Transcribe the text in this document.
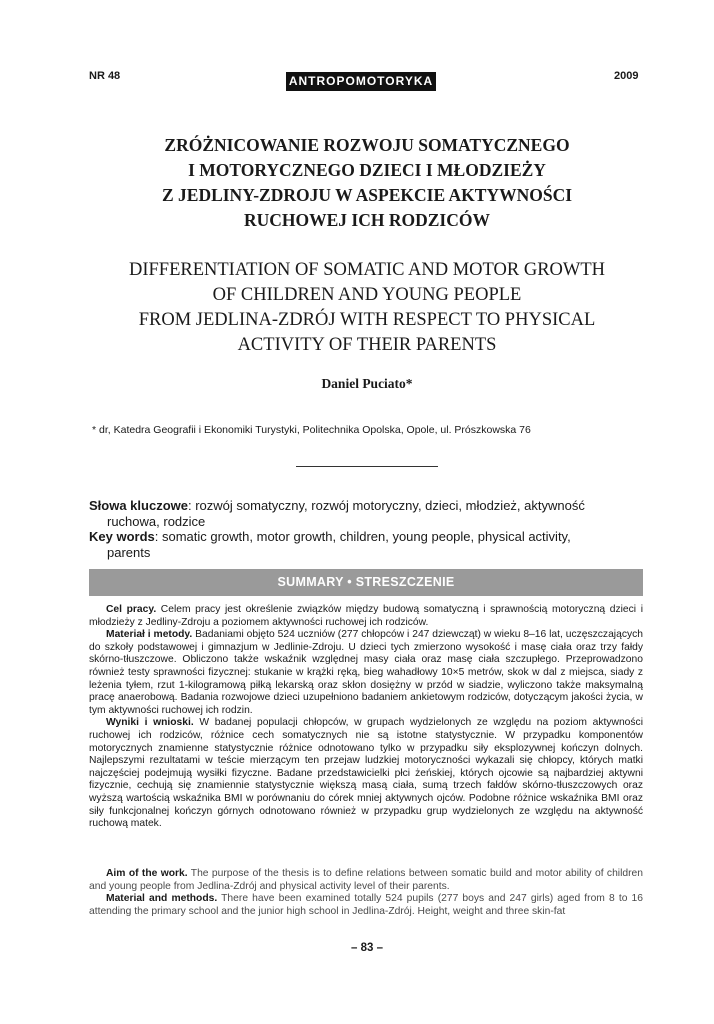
NR 48	ANTROPOMOTORYKA	2009
ZRÓŻNICOWANIE ROZWOJU SOMATYCZNEGO
I MOTORYCZNEGO DZIECI I MŁODZIEŻY
Z JEDLINY-ZDROJU W ASPEKCIE AKTYWNOŚCI
RUCHOWEJ ICH RODZICÓW
DIFFERENTIATION OF SOMATIC AND MOTOR GROWTH
OF CHILDREN AND YOUNG PEOPLE
FROM JEDLINA-ZDRÓJ WITH RESPECT TO PHYSICAL
ACTIVITY OF THEIR PARENTS
Daniel Puciato*
* dr, Katedra Geografii i Ekonomiki Turystyki, Politechnika Opolska, Opole, ul. Prószkowska 76
Słowa kluczowe: rozwój somatyczny, rozwój motoryczny, dzieci, młodzież, aktywność
ruchowa, rodzice
Key words: somatic growth, motor growth, children, young people, physical activity,
parents
SUMMARY • STRESZCZENIE

Cel pracy. Celem pracy jest określenie związków między budową somatyczną i sprawnością motoryczną dzieci i młodzieży z Jedliny-Zdroju a poziomem aktywności ruchowej ich rodziców.

Materiał i metody. Badaniami objęto 524 uczniów (277 chłopców i 247 dziewcząt) w wieku 8–16 lat, uczęszczających do szkoły podstawowej i gimnazjum w Jedlinie-Zdroju. U dzieci tych zmierzono wysokość i masę ciała oraz trzy fałdy skórno-tłuszczowe. Obliczono także wskaźnik względnej masy ciała oraz masę ciała szczupłego. Przeprowadzono również testy sprawności fizycznej: stukanie w krążki ręką, bieg wahadłowy 10×5 metrów, skok w dal z miejsca, siady z leżenia tyłem, rzut 1-kilogramową piłką lekarską oraz skłon dosiężny w przód w siadzie, wyliczono także maksymalną pracę anaerobową. Badania rozwojowe dzieci uzupełniono badaniem ankietowym rodziców, dotyczącym jakości życia, w tym aktywności ruchowej ich rodzin.

Wyniki i wnioski. W badanej populacji chłopców, w grupach wydzielonych ze względu na poziom aktywności ruchowej ich rodziców, różnice cech somatycznych nie są istotne statystycznie. W przypadku komponentów motorycznych znamienne statystycznie różnice odnotowano tylko w przypadku siły eksplozywnej kończyn dolnych. Najlepszymi rezultatami w teście mierzącym ten przejaw ludzkiej motoryczności wykazali się chłopcy, których matki najczęściej podejmują wysiłki fizyczne. Badane przedstawicielki płci żeńskiej, których ojcowie są najbardziej aktywni fizycznie, cechują się znamiennie statystycznie większą masą ciała, sumą trzech fałdów skórno-tłuszczowych oraz wyższą wartością wskaźnika BMI w porównaniu do córek mniej aktywnych ojców. Podobne różnice wskaźnika BMI oraz siły funkcjonalnej kończyn górnych odnotowano również w przypadku grup wydzielonych ze względu na aktywność ruchową matek.

Aim of the work. The purpose of the thesis is to define relations between somatic build and motor ability of children and young people from Jedlina-Zdrój and physical activity level of their parents.

Material and methods. There have been examined totally 524 pupils (277 boys and 247 girls) aged from 8 to 16 attending the primary school and the junior high school in Jedlina-Zdrój. Height, weight and three skin-fat

– 83 –
